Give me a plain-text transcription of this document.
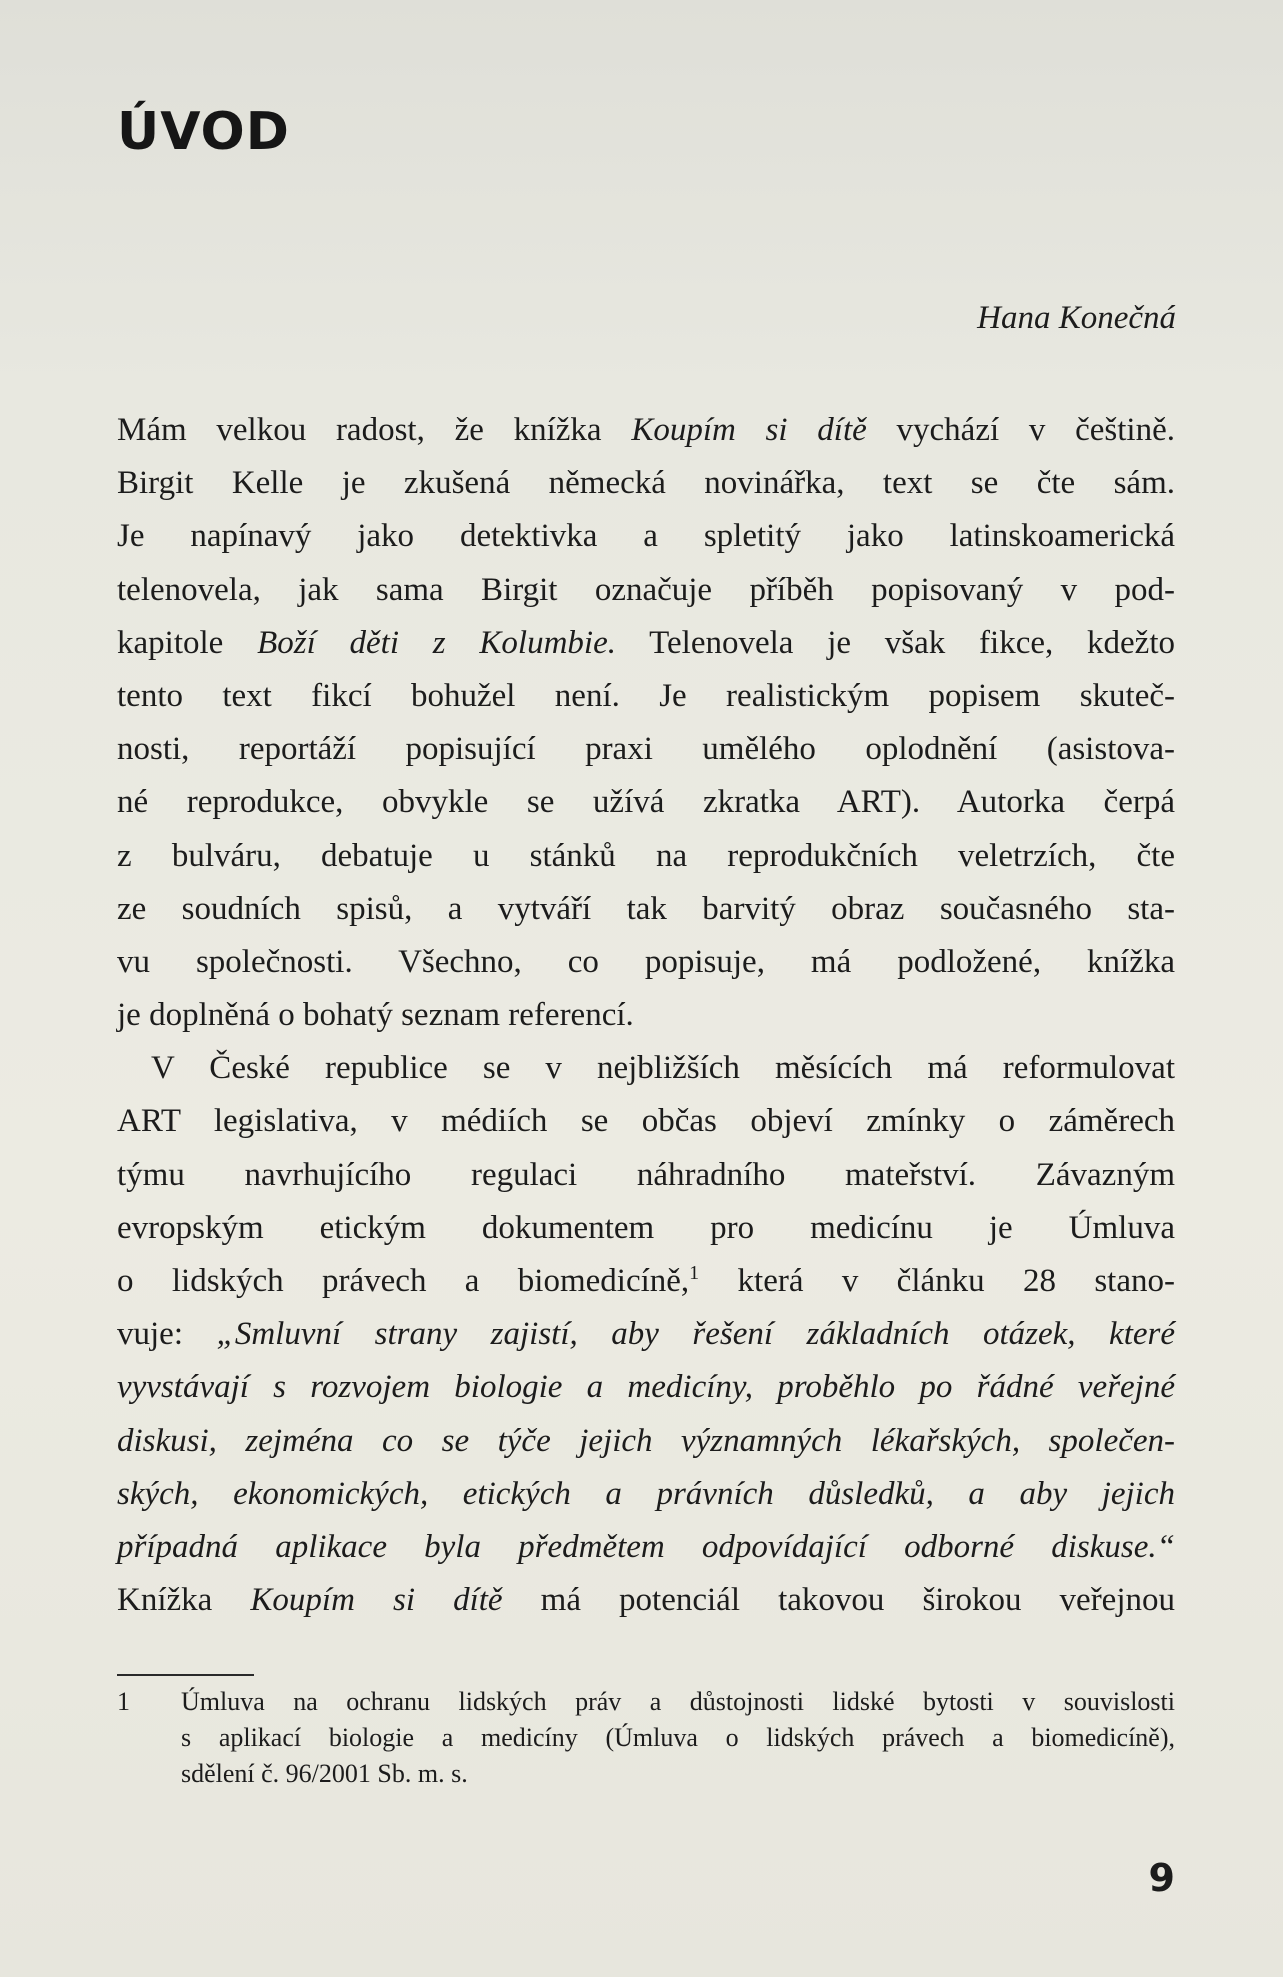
ÚVOD

Hana Konečná

Mám velkou radost, že knížka Koupím si dítě vychází v češtině.
Birgit Kelle je zkušená německá novinářka, text se čte sám.
Je napínavý jako detektivka a spletitý jako latinskoamerická
telenovela, jak sama Birgit označuje příběh popisovaný v pod-
kapitole Boží děti z Kolumbie. Telenovela je však fikce, kdežto
tento text fikcí bohužel není. Je realistickým popisem skuteč-
nosti, reportáží popisující praxi umělého oplodnění (asistova-
né reprodukce, obvykle se užívá zkratka ART). Autorka čerpá
z bulváru, debatuje u stánků na reprodukčních veletrzích, čte
ze soudních spisů, a vytváří tak barvitý obraz současného sta-
vu společnosti. Všechno, co popisuje, má podložené, knížka
je doplněná o bohatý seznam referencí.
V České republice se v nejbližších měsících má reformulovat
ART legislativa, v médiích se občas objeví zmínky o záměrech
týmu navrhujícího regulaci náhradního mateřství. Závazným
evropským etickým dokumentem pro medicínu je Úmluva
o lidských právech a biomedicíně,$^1$ která v článku 28 stano-
vuje: „Smluvní strany zajistí, aby řešení základních otázek, které
vyvstávají s rozvojem biologie a medicíny, proběhlo po řádné veřejné
diskusi, zejména co se týče jejich významných lékařských, společen-
ských, ekonomických, etických a právních důsledků, a aby jejich
případná aplikace byla předmětem odpovídající odborné diskuse.“
Knížka Koupím si dítě má potenciál takovou širokou veřejnou
1 Úmluva na ochranu lidských práv a důstojnosti lidské bytosti v souvislosti
s aplikací biologie a medicíny (Úmluva o lidských právech a biomedicíně),
sdělení č. 96/2001 Sb. m. s.
9
